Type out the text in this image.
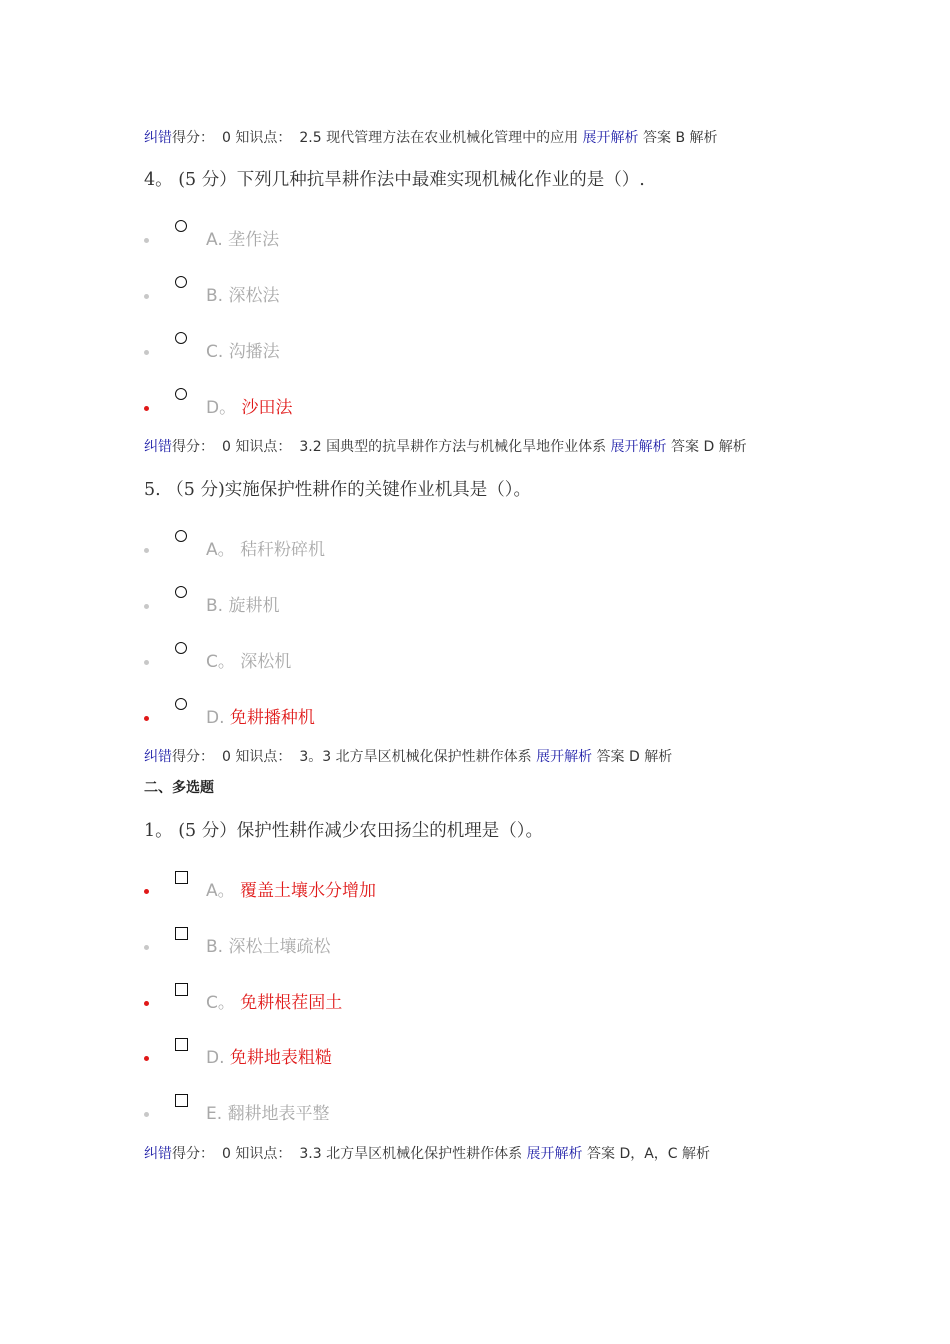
纠错得分： 0 知识点： 2.5 现代管理方法在农业机械化管理中的应用 展开解析 答案 B 解析
4。 (5 分）下列几种抗旱耕作法中最难实现机械化作业的是（）.
A. 垄作法
B. 深松法
C. 沟播法
D。 沙田法
纠错得分： 0 知识点： 3.2 国典型的抗旱耕作方法与机械化旱地作业体系 展开解析 答案 D 解析
5. （5 分)实施保护性耕作的关键作业机具是（）。
A。 秸秆粉碎机
B. 旋耕机
C。 深松机
D. 免耕播种机
纠错得分： 0 知识点： 3。3 北方旱区机械化保护性耕作体系 展开解析 答案 D 解析
二、多选题
1。 (5 分）保护性耕作减少农田扬尘的机理是（）。
A。 覆盖土壤水分增加
B. 深松土壤疏松
C。 免耕根茬固土
D. 免耕地表粗糙
E. 翻耕地表平整
纠错得分： 0 知识点： 3.3 北方旱区机械化保护性耕作体系 展开解析 答案 D，A，C 解析
